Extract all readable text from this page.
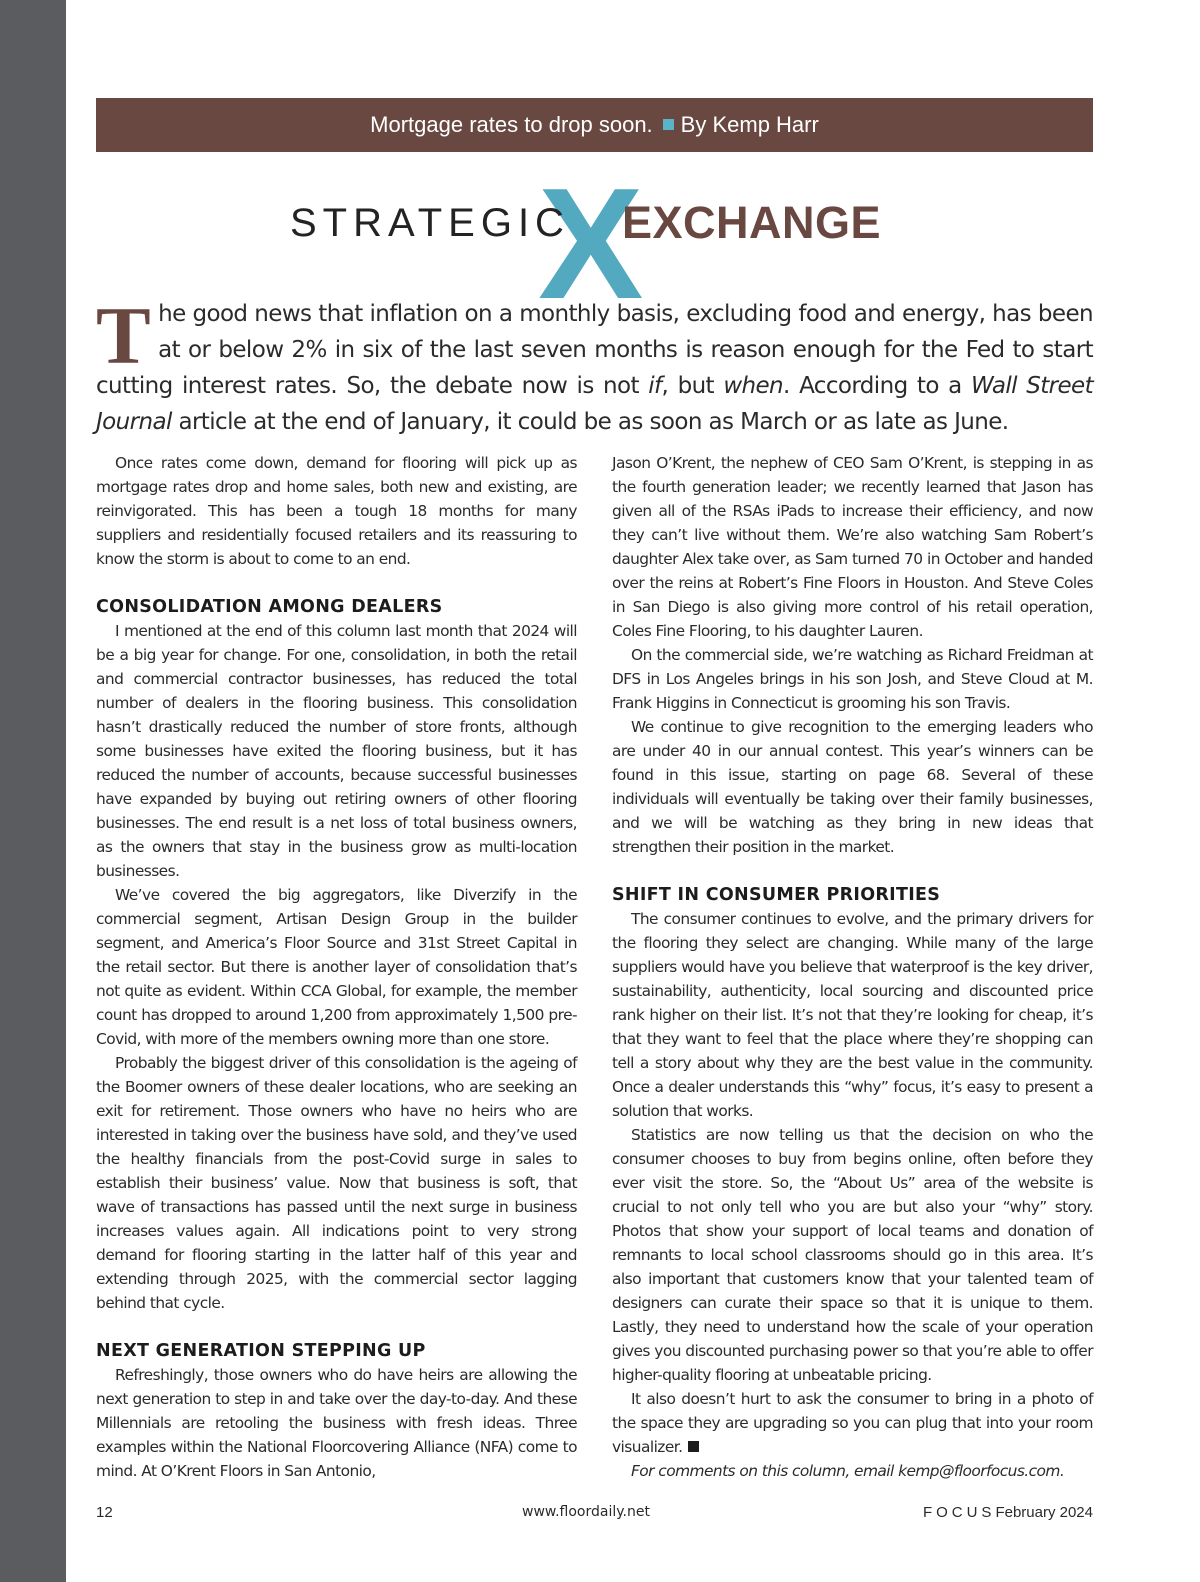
Mortgage rates to drop soon. By Kemp Harr
X
STRATEGIC EXCHANGE
The good news that inflation on a monthly basis, excluding food and energy, has been at or below 2% in six of the last seven months is reason enough for the Fed to start cutting interest rates. So, the debate now is not if, but when. According to a Wall Street Journal article at the end of January, it could be as soon as March or as late as June.

Once rates come down, demand for flooring will pick up as mortgage rates drop and home sales, both new and existing, are reinvigorated. This has been a tough 18 months for many suppliers and residentially focused retailers and its reassuring to know the storm is about to come to an end.

CONSOLIDATION AMONG DEALERS

I mentioned at the end of this column last month that 2024 will be a big year for change. For one, consolidation, in both the retail and commercial contractor businesses, has reduced the total number of dealers in the flooring business. This consolidation hasn’t drastically reduced the number of store fronts, although some businesses have exited the flooring business, but it has reduced the number of accounts, because successful businesses have expanded by buying out retiring owners of other flooring businesses. The end result is a net loss of total business owners, as the owners that stay in the business grow as multi-location businesses.

We’ve covered the big aggregators, like Diverzify in the commercial segment, Artisan Design Group in the builder segment, and America’s Floor Source and 31st Street Capital in the retail sector. But there is another layer of consolidation that’s not quite as evident. Within CCA Global, for example, the member count has dropped to around 1,200 from approximately 1,500 pre-Covid, with more of the members owning more than one store.

Probably the biggest driver of this consolidation is the ageing of the Boomer owners of these dealer locations, who are seeking an exit for retirement. Those owners who have no heirs who are interested in taking over the business have sold, and they’ve used the healthy financials from the post-Covid surge in sales to establish their business’ value. Now that business is soft, that wave of transactions has passed until the next surge in business increases values again. All indications point to very strong demand for flooring starting in the latter half of this year and extending through 2025, with the commercial sector lagging behind that cycle.

NEXT GENERATION STEPPING UP

Refreshingly, those owners who do have heirs are allowing the next generation to step in and take over the day-to-day. And these Millennials are retooling the business with fresh ideas. Three examples within the National Floorcovering Alliance (NFA) come to mind. At O’Krent Floors in San Antonio,

Jason O’Krent, the nephew of CEO Sam O’Krent, is stepping in as the fourth generation leader; we recently learned that Jason has given all of the RSAs iPads to increase their efficiency, and now they can’t live without them. We’re also watching Sam Robert’s daughter Alex take over, as Sam turned 70 in October and handed over the reins at Robert’s Fine Floors in Houston. And Steve Coles in San Diego is also giving more control of his retail operation, Coles Fine Flooring, to his daughter Lauren.

On the commercial side, we’re watching as Richard Freidman at DFS in Los Angeles brings in his son Josh, and Steve Cloud at M. Frank Higgins in Connecticut is grooming his son Travis.

We continue to give recognition to the emerging leaders who are under 40 in our annual contest. This year’s winners can be found in this issue, starting on page 68. Several of these individuals will eventually be taking over their family businesses, and we will be watching as they bring in new ideas that strengthen their position in the market.

SHIFT IN CONSUMER PRIORITIES

The consumer continues to evolve, and the primary drivers for the flooring they select are changing. While many of the large suppliers would have you believe that waterproof is the key driver, sustainability, authenticity, local sourcing and discounted price rank higher on their list. It’s not that they’re looking for cheap, it’s that they want to feel that the place where they’re shopping can tell a story about why they are the best value in the community. Once a dealer understands this “why” focus, it’s easy to present a solution that works.

Statistics are now telling us that the decision on who the consumer chooses to buy from begins online, often before they ever visit the store. So, the “About Us” area of the website is crucial to not only tell who you are but also your “why” story. Photos that show your support of local teams and donation of remnants to local school classrooms should go in this area. It’s also important that customers know that your talented team of designers can curate their space so that it is unique to them. Lastly, they need to understand how the scale of your operation gives you discounted purchasing power so that you’re able to offer higher-quality flooring at unbeatable pricing.

It also doesn’t hurt to ask the consumer to bring in a photo of the space they are upgrading so you can plug that into your room visualizer.

For comments on this column, email kemp@floorfocus.com.

12	www.floordaily.net	FOCUSFebruary 2024
